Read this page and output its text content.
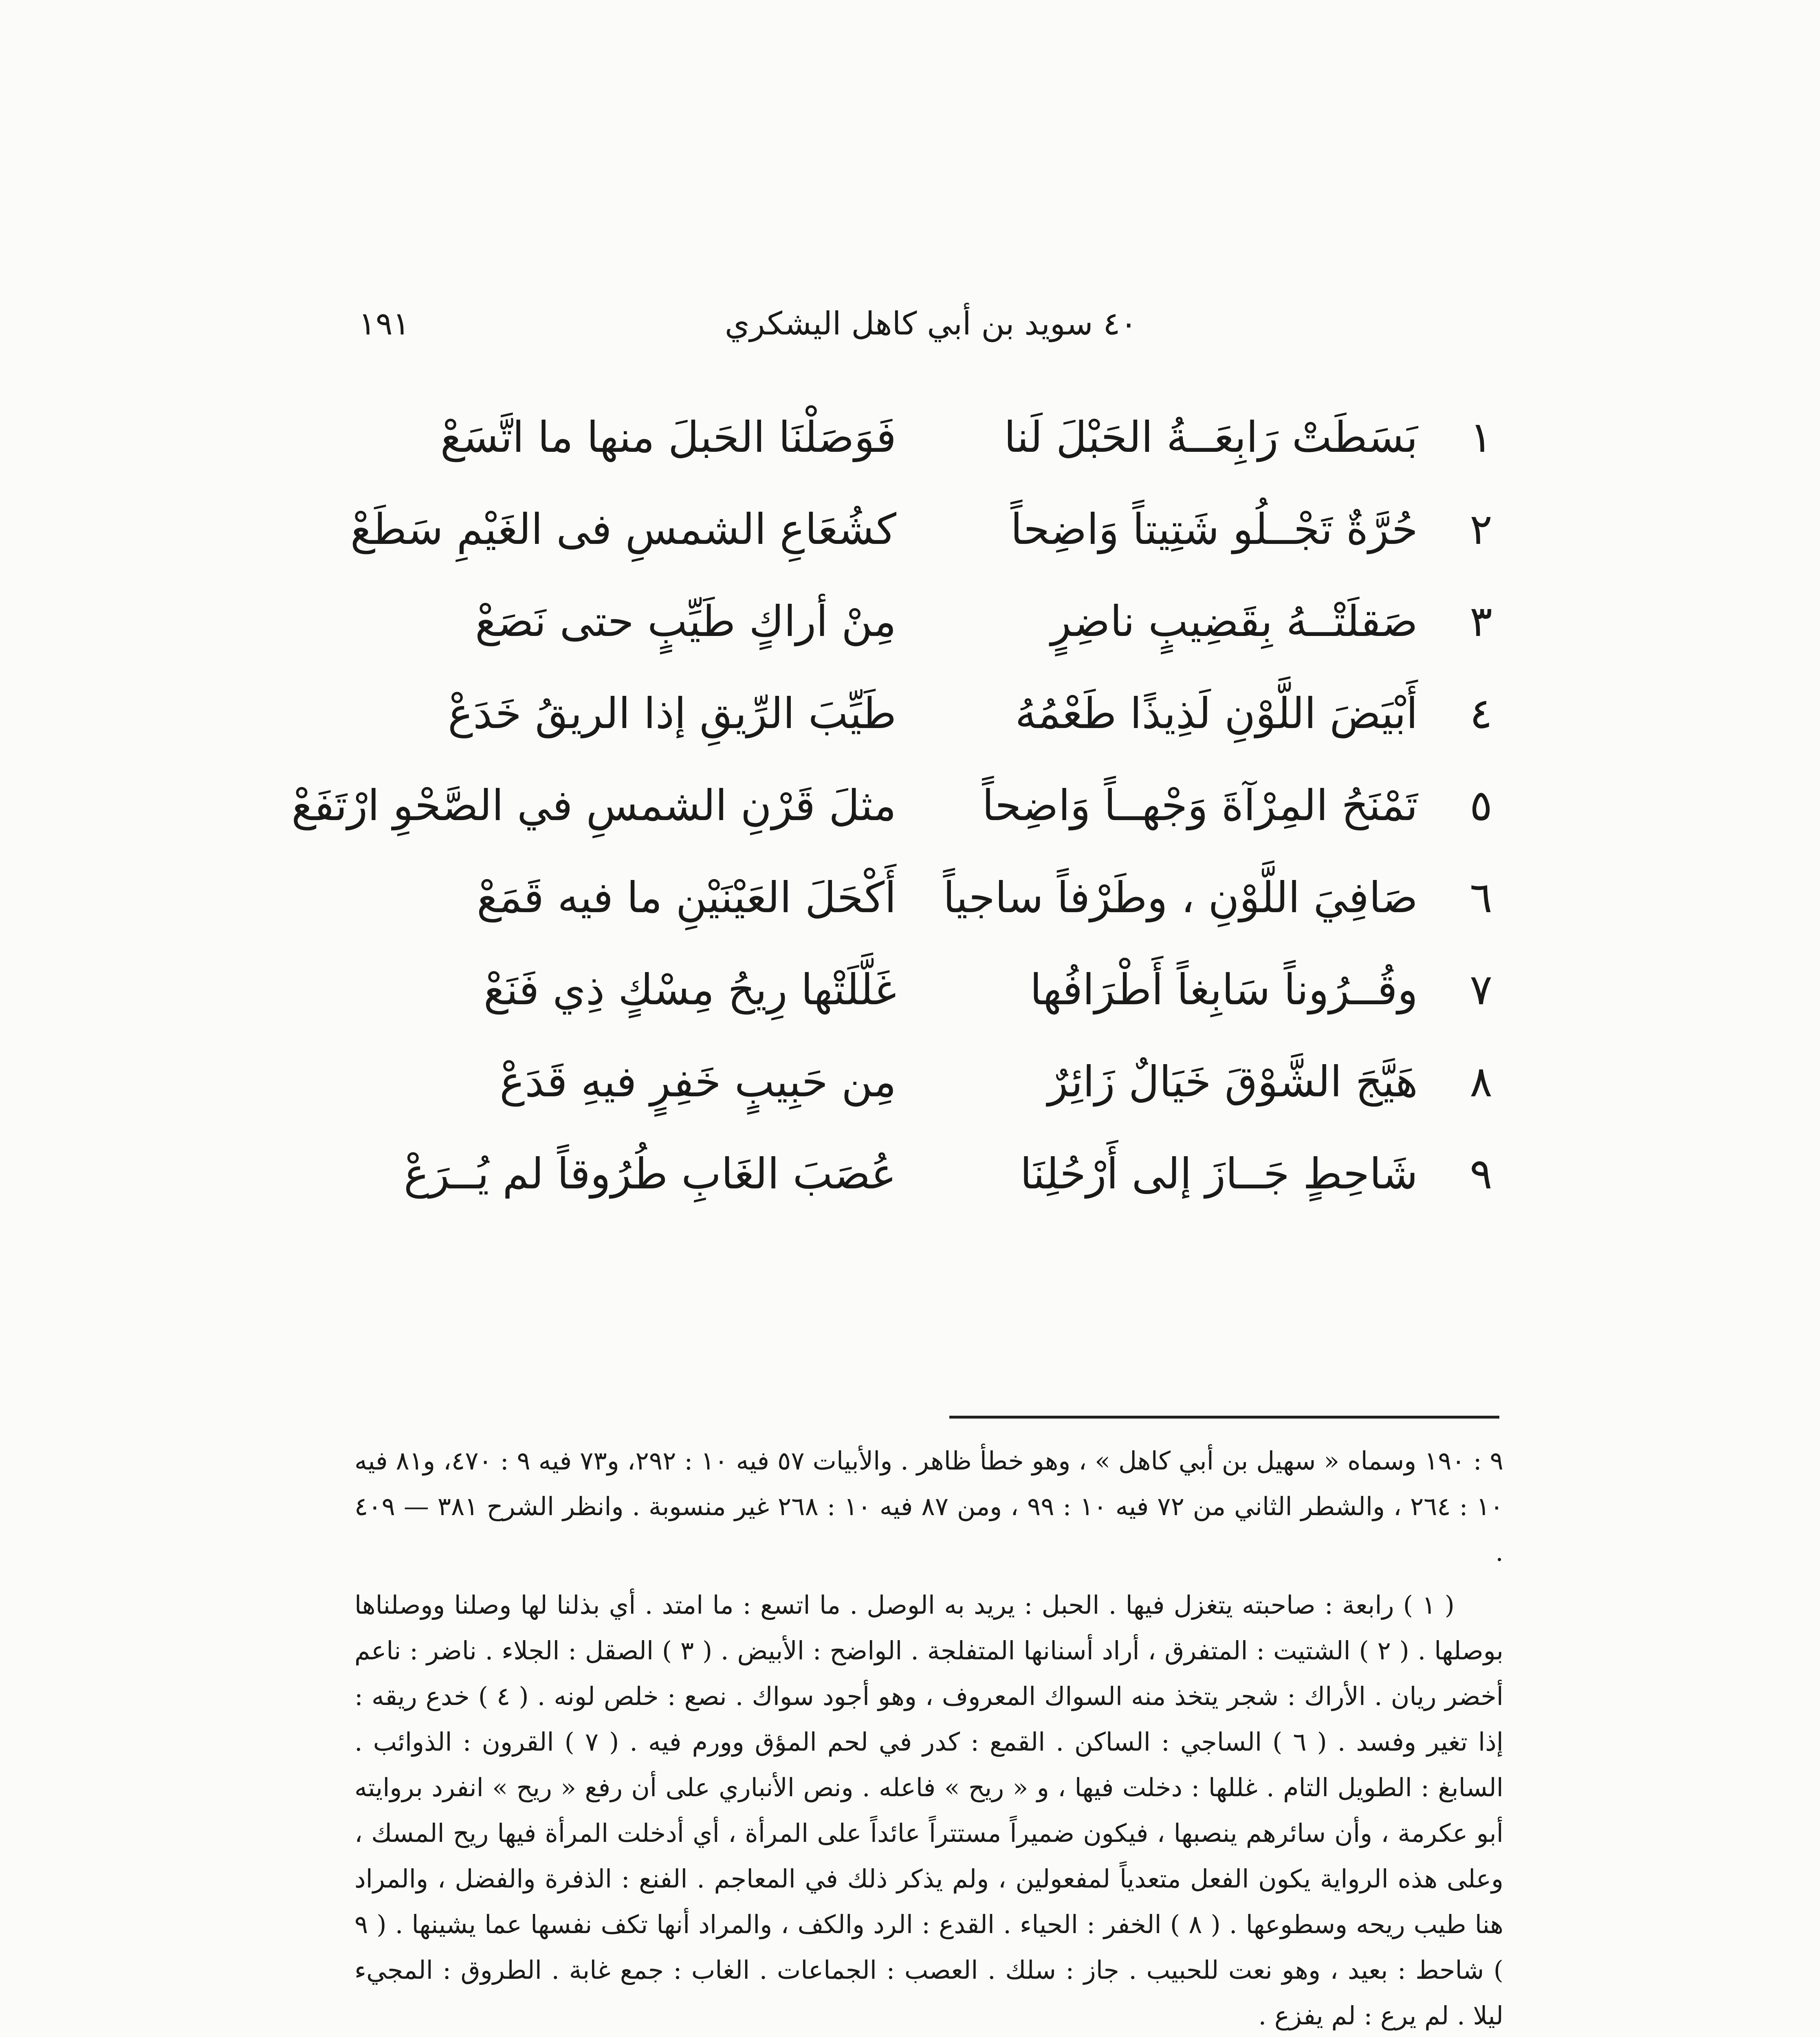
٤٠ سويد بن أبي كاهل اليشكري
١٩١
١
بَسَطَتْ رَابِعَــةُ الحَبْلَ لَنا
فَوَصَلْنَا الحَبلَ منها ما اتَّسَعْ
٢
حُرَّةٌ تَجْــلُو شَتِيتاً وَاضِحاً
كشُعَاعِ الشمسِ فى الغَيْمِ سَطَعْ
٣
صَقلَتْــهُ بِقَضِيبٍ ناضِرٍ
مِنْ أراكٍ طَيِّبٍ حتى نَصَعْ
٤
أَبْيَضَ اللَّوْنِ لَذِيذًا طَعْمُهُ
طَيِّبَ الرِّيقِ إذا الريقُ خَدَعْ
٥
تَمْنَحُ المِرْآةَ وَجْهــاً وَاضِحاً
مثلَ قَرْنِ الشمسِ في الصَّحْوِ ارْتَفَعْ
٦
صَافِيَ اللَّوْنِ ، وطَرْفاً ساجياً
أَكْحَلَ العَيْنَيْنِ ما فيه قَمَعْ
٧
وقُــرُوناً سَابِغاً أَطْرَافُها
غَلَّلَتْها رِيحُ مِسْكٍ ذِي فَنَعْ
٨
هَيَّجَ الشَّوْقَ خَيَالٌ زَائِرٌ
مِن حَبِيبٍ خَفِرٍ فيهِ قَدَعْ
٩
شَاحِطٍ جَــازَ إلى أَرْحُلِنَا
عُصَبَ الغَابِ طُرُوقاً لم يُــرَعْ

٩ : ١٩٠ وسماه « سهيل بن أبي كاهل » ، وهو خطأ ظاهر . والأبيات ٥٧ فيه ١٠ : ٢٩٢، و٧٣ فيه ٩ : ٤٧٠، و٨١ فيه ١٠ : ٢٦٤ ، والشطر الثاني من ٧٢ فيه ١٠ : ٩٩ ، ومن ٨٧ فيه ١٠ : ٢٦٨ غير منسوبة . وانظر الشرح ٣٨١ — ٤٠٩ .

( ١ ) رابعة : صاحبته يتغزل فيها . الحبل : يريد به الوصل . ما اتسع : ما امتد . أي بذلنا لها وصلنا ووصلناها بوصلها . ( ٢ ) الشتيت : المتفرق ، أراد أسنانها المتفلجة . الواضح : الأبيض . ( ٣ ) الصقل : الجلاء . ناضر : ناعم أخضر ريان . الأراك : شجر يتخذ منه السواك المعروف ، وهو أجود سواك . نصع : خلص لونه . ( ٤ ) خدع ريقه : إذا تغير وفسد . ( ٦ ) الساجي : الساكن . القمع : كدر في لحم المؤق وورم فيه . ( ٧ ) القرون : الذوائب . السابغ : الطويل التام . غللها : دخلت فيها ، و « ريح » فاعله . ونص الأنباري على أن رفع « ريح » انفرد بروايته أبو عكرمة ، وأن سائرهم ينصبها ، فيكون ضميراً مستتراً عائداً على المرأة ، أي أدخلت المرأة فيها ريح المسك ، وعلى هذه الرواية يكون الفعل متعدياً لمفعولين ، ولم يذكر ذلك في المعاجم . الفنع : الذفرة والفضل ، والمراد هنا طيب ريحه وسطوعها . ( ٨ ) الخفر : الحياء . القدع : الرد والكف ، والمراد أنها تكف نفسها عما يشينها . ( ٩ ) شاحط : بعيد ، وهو نعت للحبيب . جاز : سلك . العصب : الجماعات . الغاب : جمع غابة . الطروق : المجيء ليلا . لم يرع : لم يفزع .
